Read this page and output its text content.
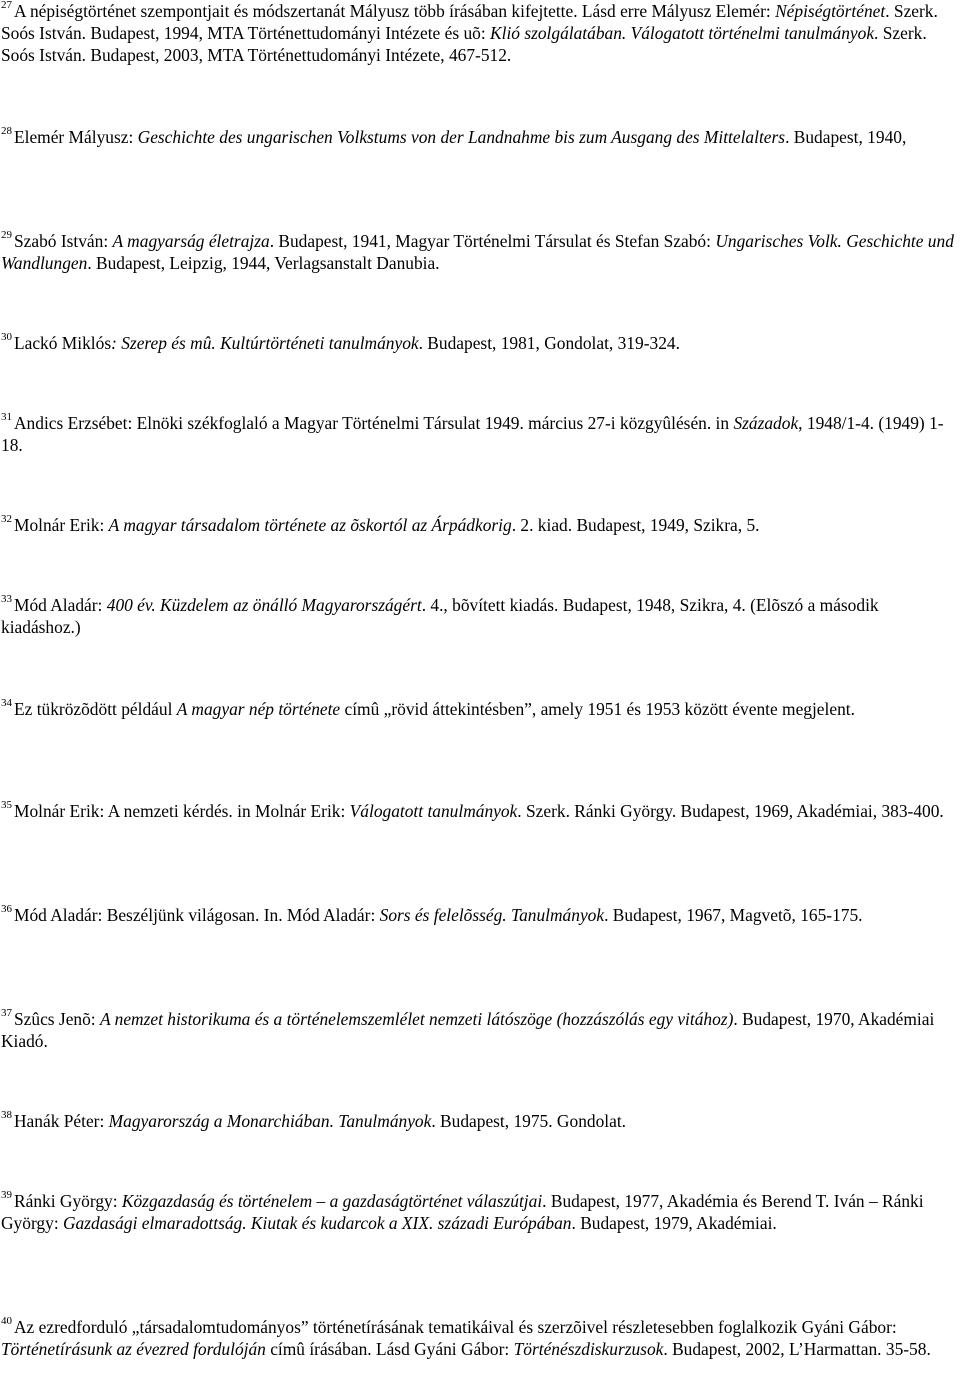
$^{27}$ A népiségtörténet szempontjait és módszertanát Mályusz több írásában kifejtette. Lásd erre Mályusz Elemér: Népiségtörténet. Szerk. Soós István. Budapest, 1994, MTA Történettudományi Intézete és uõ: Klió szolgálatában. Válogatott történelmi tanulmányok. Szerk. Soós István. Budapest, 2003, MTA Történettudományi Intézete, 467-512.

$^{28}$ Elemér Mályusz: Geschichte des ungarischen Volkstums von der Landnahme bis zum Ausgang des Mittelalters. Budapest, 1940,

$^{29}$ Szabó István: A magyarság életrajza. Budapest, 1941, Magyar Történelmi Társulat és Stefan Szabó: Ungarisches Volk. Geschichte und Wandlungen. Budapest, Leipzig, 1944, Verlagsanstalt Danubia.

$^{30}$ Lackó Miklós: Szerep és mû. Kultúrtörténeti tanulmányok. Budapest, 1981, Gondolat, 319-324.

$^{31}$ Andics Erzsébet: Elnöki székfoglaló a Magyar Történelmi Társulat 1949. március 27-i közgyûlésén. in Századok, 1948/1-4. (1949) 1-18.

$^{32}$ Molnár Erik: A magyar társadalom története az õskortól az Árpádkorig. 2. kiad. Budapest, 1949, Szikra, 5.

$^{33}$ Mód Aladár: 400 év. Küzdelem az önálló Magyarországért. 4., bõvített kiadás. Budapest, 1948, Szikra, 4. (Elõszó a második kiadáshoz.)

$^{34}$ Ez tükrözõdött például A magyar nép története címû „rövid áttekintésben”, amely 1951 és 1953 között évente megjelent.

$^{35}$ Molnár Erik: A nemzeti kérdés. in Molnár Erik: Válogatott tanulmányok. Szerk. Ránki György. Budapest, 1969, Akadémiai, 383-400.

$^{36}$ Mód Aladár: Beszéljünk világosan. In. Mód Aladár: Sors és felelõsség. Tanulmányok. Budapest, 1967, Magvetõ, 165-175.

$^{37}$ Szûcs Jenõ: A nemzet historikuma és a történelemszemlélet nemzeti látószöge (hozzászólás egy vitához). Budapest, 1970, Akadémiai Kiadó.

$^{38}$ Hanák Péter: Magyarország a Monarchiában. Tanulmányok. Budapest, 1975. Gondolat.

$^{39}$ Ránki György: Közgazdaság és történelem – a gazdaságtörténet válaszútjai. Budapest, 1977, Akadémia és Berend T. Iván – Ránki György: Gazdasági elmaradottság. Kiutak és kudarcok a XIX. századi Európában. Budapest, 1979, Akadémiai.

$^{40}$ Az ezredforduló „társadalomtudományos” történetírásának tematikáival és szerzõivel részletesebben foglalkozik Gyáni Gábor: Történetírásunk az évezred fordulóján címû írásában. Lásd Gyáni Gábor: Történészdiskurzusok. Budapest, 2002, L’Harmattan. 35-58.
